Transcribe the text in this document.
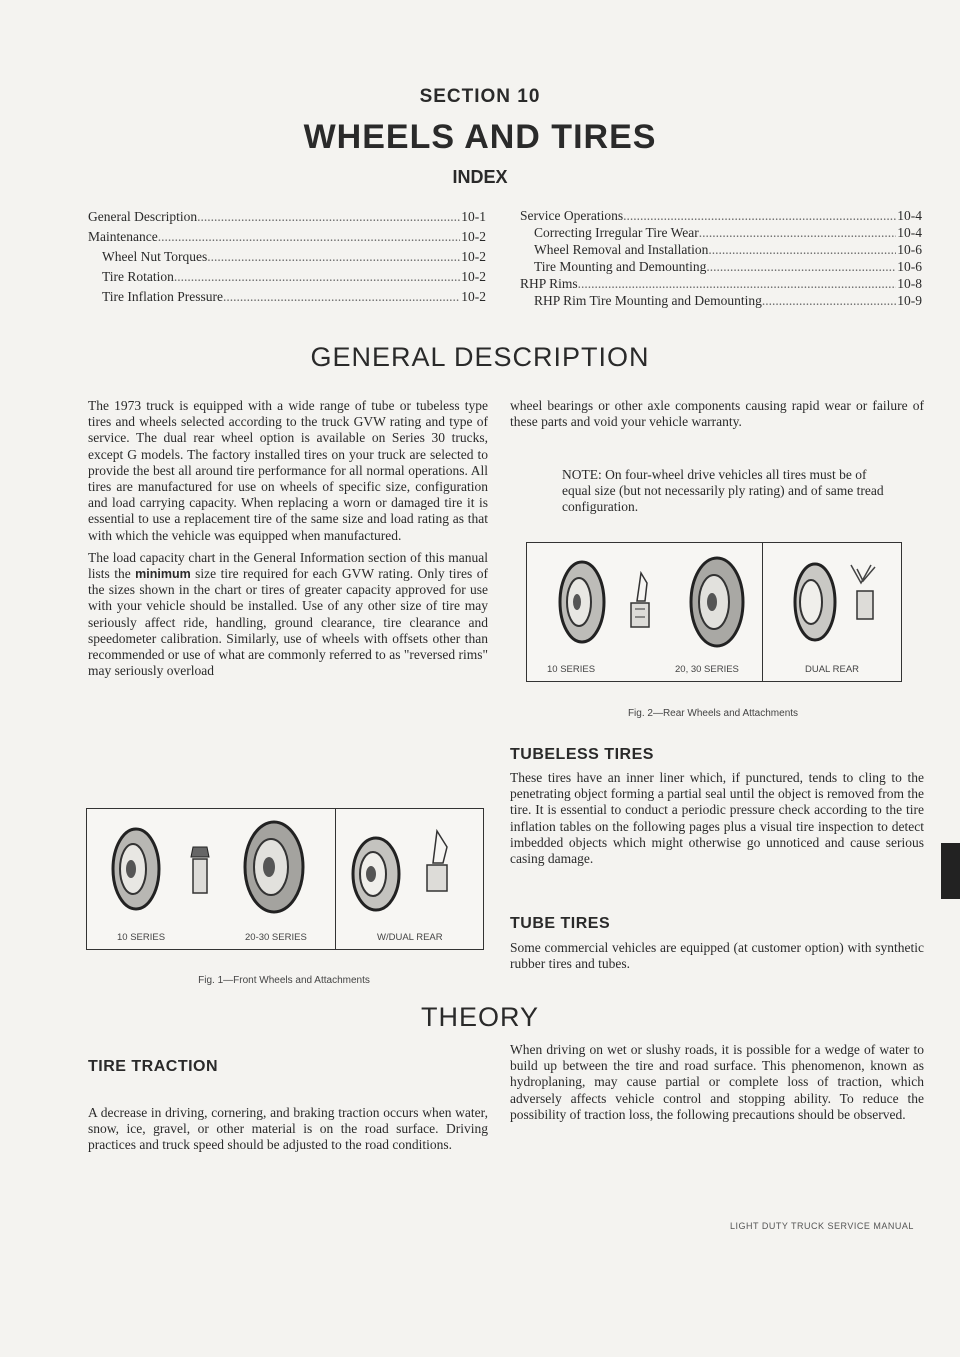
SECTION 10
WHEELS AND TIRES
INDEX
General Description .....	10-1
Maintenance .....	10-2
Wheel Nut Torques .....	10-2
Tire Rotation .....	10-2
Tire Inflation Pressure .....	10-2
Service Operations .....	10-4
Correcting Irregular Tire Wear .....	10-4
Wheel Removal and Installation .....	10-6
Tire Mounting and Demounting .....	10-6
RHP Rims .....	10-8
RHP Rim Tire Mounting and Demounting .....	10-9
GENERAL DESCRIPTION

The 1973 truck is equipped with a wide range of tube or tubeless type tires and wheels selected according to the truck GVW rating and type of service. The dual rear wheel option is available on Series 30 trucks, except G models. The factory installed tires on your truck are selected to provide the best all around tire performance for all normal operations. All tires are manufactured for use on wheels of specific size, configuration and load carrying capacity. When replacing a worn or damaged tire it is essential to use a replacement tire of the same size and load rating as that with which the vehicle was equipped when manufactured.

The load capacity chart in the General Information section of this manual lists the minimum size tire required for each GVW rating. Only tires of the sizes shown in the chart or tires of greater capacity approved for use with your vehicle should be installed. Use of any other size of tire may seriously affect ride, handling, ground clearance, tire clearance and speedometer calibration. Similarly, use of wheels with offsets other than recommended or use of what are commonly referred to as "reversed rims" may seriously overload

wheel bearings or other axle components causing rapid wear or failure of these parts and void your vehicle warranty.

NOTE: On four-wheel drive vehicles all tires must be of equal size (but not necessarily ply rating) and of same tread configuration.
10 SERIES	20, 30 SERIES	DUAL REAR
Fig. 2—Rear Wheels and Attachments
TUBELESS TIRES
These tires have an inner liner which, if punctured, tends to cling to the penetrating object forming a partial seal until the object is removed from the tire. It is essential to conduct a periodic pressure check according to the tire inflation tables on the following pages plus a visual tire inspection to detect imbedded objects which might otherwise go unnoticed and cause serious casing damage.
TUBE TIRES
Some commercial vehicles are equipped (at customer option) with synthetic rubber tires and tubes.
10 SERIES	20-30 SERIES	W/DUAL REAR
Fig. 1—Front Wheels and Attachments
THEORY
TIRE TRACTION
A decrease in driving, cornering, and braking traction occurs when water, snow, ice, gravel, or other material is on the road surface. Driving practices and truck speed should be adjusted to the road conditions.
When driving on wet or slushy roads, it is possible for a wedge of water to build up between the tire and road surface. This phenomenon, known as hydroplaning, may cause partial or complete loss of traction, which adversely affects vehicle control and stopping ability. To reduce the possibility of traction loss, the following precautions should be observed.
LIGHT DUTY TRUCK SERVICE MANUAL
